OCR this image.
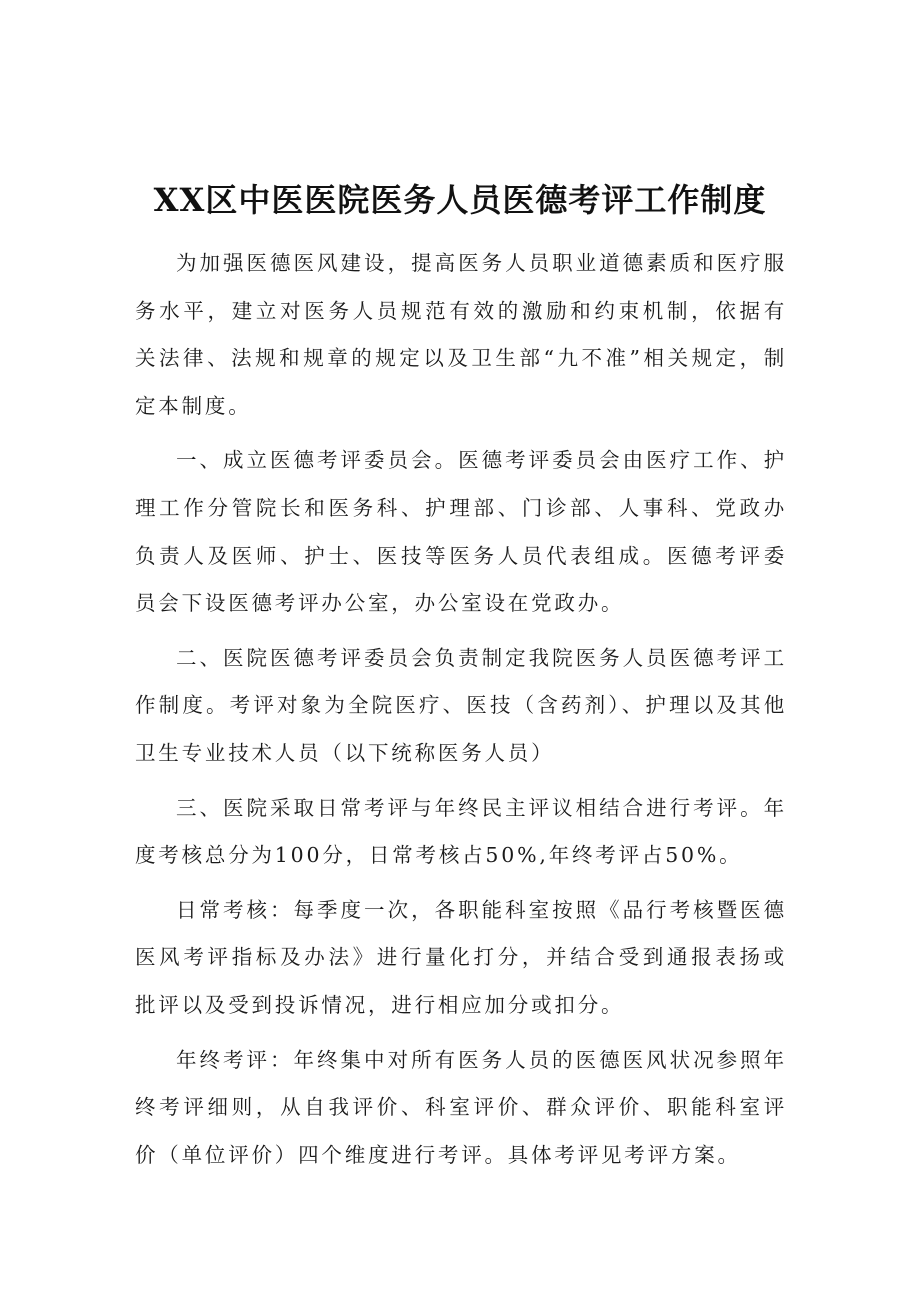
XX区中医医院医务人员医德考评工作制度

为加强医德医风建设，提高医务人员职业道德素质和医疗服务水平，建立对医务人员规范有效的激励和约束机制，依据有关法律、法规和规章的规定以及卫生部“九不准”相关规定，制定本制度。

一、成立医德考评委员会。医德考评委员会由医疗工作、护理工作分管院长和医务科、护理部、门诊部、人事科、党政办负责人及医师、护士、医技等医务人员代表组成。医德考评委员会下设医德考评办公室，办公室设在党政办。

二、医院医德考评委员会负责制定我院医务人员医德考评工作制度。考评对象为全院医疗、医技（含药剂）、护理以及其他卫生专业技术人员（以下统称医务人员）

三、医院采取日常考评与年终民主评议相结合进行考评。年度考核总分为100分，日常考核占50%,年终考评占50%。

日常考核：每季度一次，各职能科室按照《品行考核暨医德医风考评指标及办法》进行量化打分，并结合受到通报表扬或批评以及受到投诉情况，进行相应加分或扣分。

年终考评：年终集中对所有医务人员的医德医风状况参照年终考评细则，从自我评价、科室评价、群众评价、职能科室评价（单位评价）四个维度进行考评。具体考评见考评方案。
